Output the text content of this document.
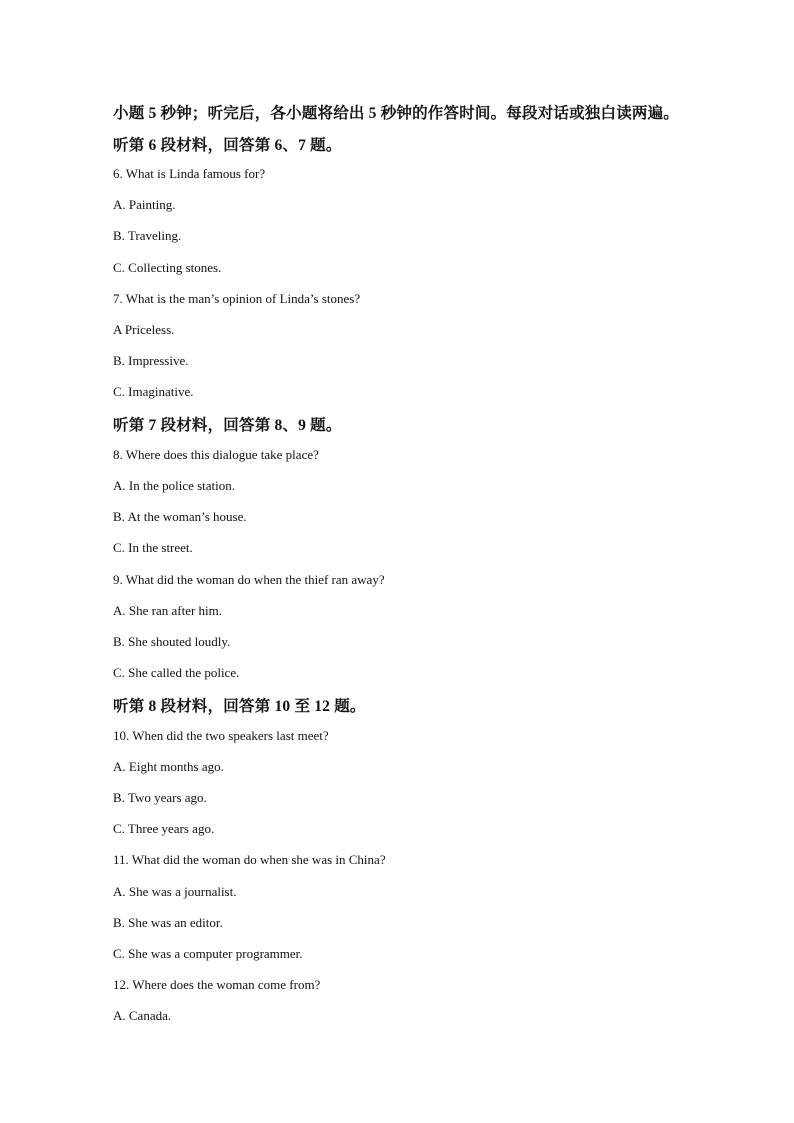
小题 5 秒钟；听完后，各小题将给出 5 秒钟的作答时间。每段对话或独白读两遍。
听第 6 段材料，回答第 6、7 题。
6. What is Linda famous for?
A. Painting.
B. Traveling.
C. Collecting stones.
7. What is the man’s opinion of Linda’s stones?
A Priceless.
B. Impressive.
C. Imaginative.
听第 7 段材料，回答第 8、9 题。
8. Where does this dialogue take place?
A. In the police station.
B. At the woman’s house.
C. In the street.
9. What did the woman do when the thief ran away?
A. She ran after him.
B. She shouted loudly.
C. She called the police.
听第 8 段材料，回答第 10 至 12 题。
10. When did the two speakers last meet?
A. Eight months ago.
B. Two years ago.
C. Three years ago.
11. What did the woman do when she was in China?
A. She was a journalist.
B. She was an editor.
C. She was a computer programmer.
12. Where does the woman come from?
A. Canada.
